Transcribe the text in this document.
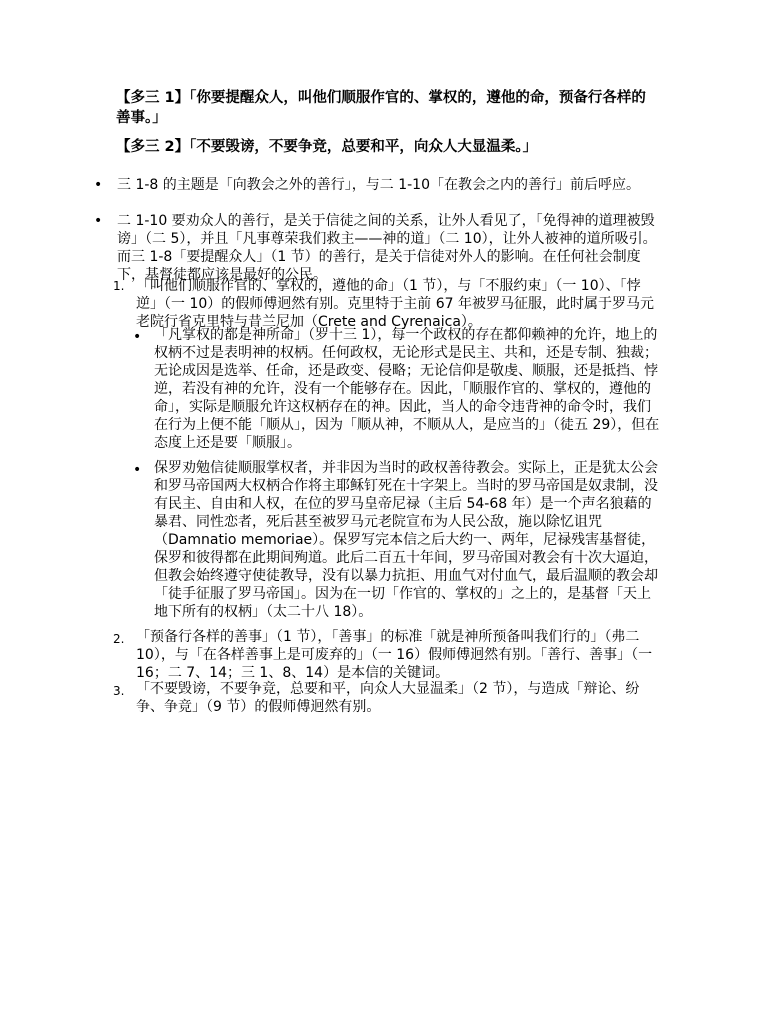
【多三 1】「你要提醒众人，叫他们顺服作官的、掌权的，遵他的命，预备行各样的善事。」

【多三 2】「不要毁谤，不要争竞，总要和平，向众人大显温柔。」

• 三 1-8 的主题是「向教会之外的善行」，与二 1-10「在教会之内的善行」前后呼应。
• 二 1-10 要劝众人的善行，是关于信徒之间的关系，让外人看见了，「免得神的道理被毁谤」（二 5），并且「凡事尊荣我们救主——神的道」（二 10），让外人被神的道所吸引。而三 1-8「要提醒众人」（1 节）的善行，是关于信徒对外人的影响。在任何社会制度下，基督徒都应该是最好的公民。
1. 「叫他们顺服作官的、掌权的，遵他的命」（1 节），与「不服约束」（一 10）、「悖逆」（一 10）的假师傅迥然有别。克里特于主前 67 年被罗马征服，此时属于罗马元老院行省克里特与昔兰尼加（Crete and Cyrenaica）。
• 「凡掌权的都是神所命」（罗十三 1），每一个政权的存在都仰赖神的允许，地上的权柄不过是表明神的权柄。任何政权，无论形式是民主、共和，还是专制、独裁；无论成因是选举、任命，还是政变、侵略；无论信仰是敬虔、顺服，还是抵挡、悖逆，若没有神的允许，没有一个能够存在。因此，「顺服作官的、掌权的，遵他的命」，实际是顺服允许这权柄存在的神。因此，当人的命令违背神的命令时，我们在行为上便不能「顺从」，因为「顺从神，不顺从人，是应当的」（徒五 29），但在态度上还是要「顺服」。
• 保罗劝勉信徒顺服掌权者，并非因为当时的政权善待教会。实际上，正是犹太公会和罗马帝国两大权柄合作将主耶稣钉死在十字架上。当时的罗马帝国是奴隶制，没有民主、自由和人权，在位的罗马皇帝尼禄（主后 54-68 年）是一个声名狼藉的暴君、同性恋者，死后甚至被罗马元老院宣布为人民公敌，施以除忆诅咒（Damnatio memoriae）。保罗写完本信之后大约一、两年，尼禄残害基督徒，保罗和彼得都在此期间殉道。此后二百五十年间，罗马帝国对教会有十次大逼迫，但教会始终遵守使徒教导，没有以暴力抗拒、用血气对付血气，最后温顺的教会却「徒手征服了罗马帝国」。因为在一切「作官的、掌权的」之上的，是基督「天上地下所有的权柄」（太二十八 18）。
2. 「预备行各样的善事」（1 节），「善事」的标准「就是神所预备叫我们行的」（弗二 10），与「在各样善事上是可废弃的」（一 16）假师傅迥然有别。「善行、善事」（一 16；二 7、14；三 1、8、14）是本信的关键词。
3. 「不要毁谤，不要争竞，总要和平，向众人大显温柔」（2 节），与造成「辩论、纷争、争竞」（9 节）的假师傅迥然有别。
